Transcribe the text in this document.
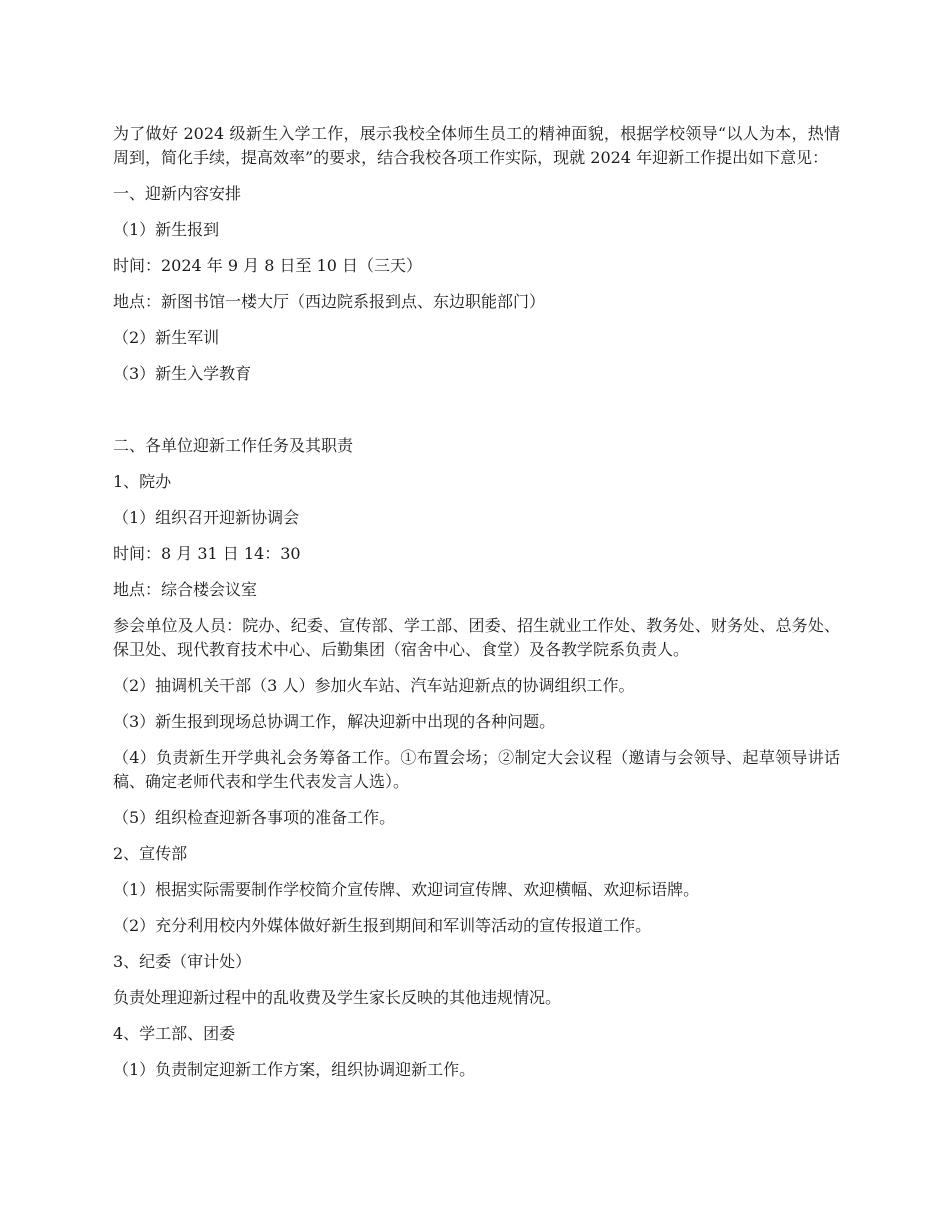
为了做好 2024 级新生入学工作，展示我校全体师生员工的精神面貌，根据学校领导“以人为本，热情周到，简化手续，提高效率”的要求，结合我校各项工作实际，现就 2024 年迎新工作提出如下意见：

一、迎新内容安排

（1）新生报到

时间：2024 年 9 月 8 日至 10 日（三天）

地点：新图书馆一楼大厅（西边院系报到点、东边职能部门）

（2）新生军训

（3）新生入学教育

二、各单位迎新工作任务及其职责

1、院办

（1）组织召开迎新协调会

时间：8 月 31 日 14：30

地点：综合楼会议室

参会单位及人员：院办、纪委、宣传部、学工部、团委、招生就业工作处、教务处、财务处、总务处、保卫处、现代教育技术中心、后勤集团（宿舍中心、食堂）及各教学院系负责人。

（2）抽调机关干部（3 人）参加火车站、汽车站迎新点的协调组织工作。

（3）新生报到现场总协调工作，解决迎新中出现的各种问题。

（4）负责新生开学典礼会务筹备工作。①布置会场；②制定大会议程（邀请与会领导、起草领导讲话稿、确定老师代表和学生代表发言人选）。

（5）组织检查迎新各事项的准备工作。

2、宣传部

（1）根据实际需要制作学校简介宣传牌、欢迎词宣传牌、欢迎横幅、欢迎标语牌。

（2）充分利用校内外媒体做好新生报到期间和军训等活动的宣传报道工作。

3、纪委（审计处）

负责处理迎新过程中的乱收费及学生家长反映的其他违规情况。

4、学工部、团委

（1）负责制定迎新工作方案，组织协调迎新工作。
